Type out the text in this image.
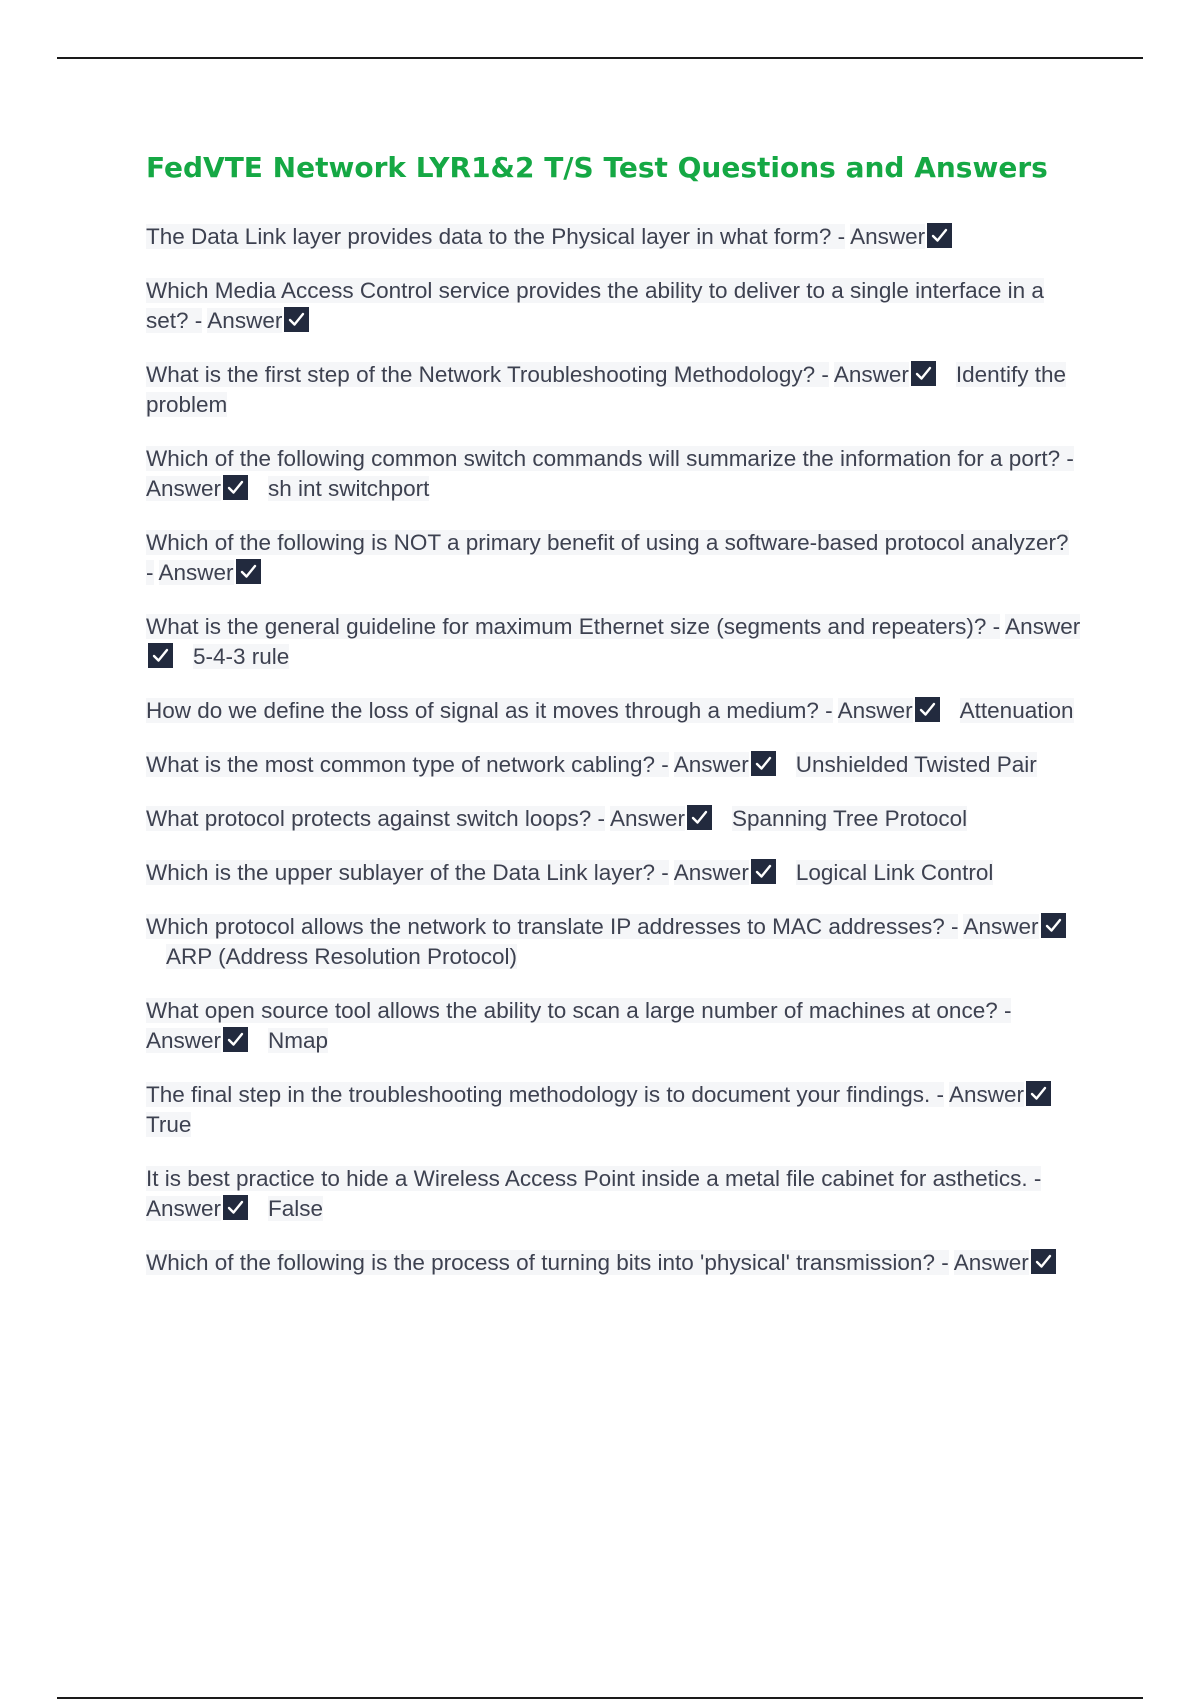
FedVTE Network LYR1&2 T/S Test Questions and Answers

The Data Link layer provides data to the Physical layer in what form? - Answer

Which Media Access Control service provides the ability to deliver to a single interface in a set? - Answer

What is the first step of the Network Troubleshooting Methodology? - Answer Identify the problem

Which of the following common switch commands will summarize the information for a port? - Answer sh int switchport

Which of the following is NOT a primary benefit of using a software-based protocol analyzer? - Answer

What is the general guideline for maximum Ethernet size (segments and repeaters)? - Answer
5-4-3 rule

How do we define the loss of signal as it moves through a medium? - Answer Attenuation

What is the most common type of network cabling? - Answer Unshielded Twisted Pair

What protocol protects against switch loops? - Answer Spanning Tree Protocol

Which is the upper sublayer of the Data Link layer? - Answer Logical Link Control

Which protocol allows the network to translate IP addresses to MAC addresses? - Answer
ARP (Address Resolution Protocol)

What open source tool allows the ability to scan a large number of machines at once? - Answer Nmap

The final step in the troubleshooting methodology is to document your findings. - Answer
True

It is best practice to hide a Wireless Access Point inside a metal file cabinet for asthetics. - Answer False

Which of the following is the process of turning bits into 'physical' transmission? - Answer
